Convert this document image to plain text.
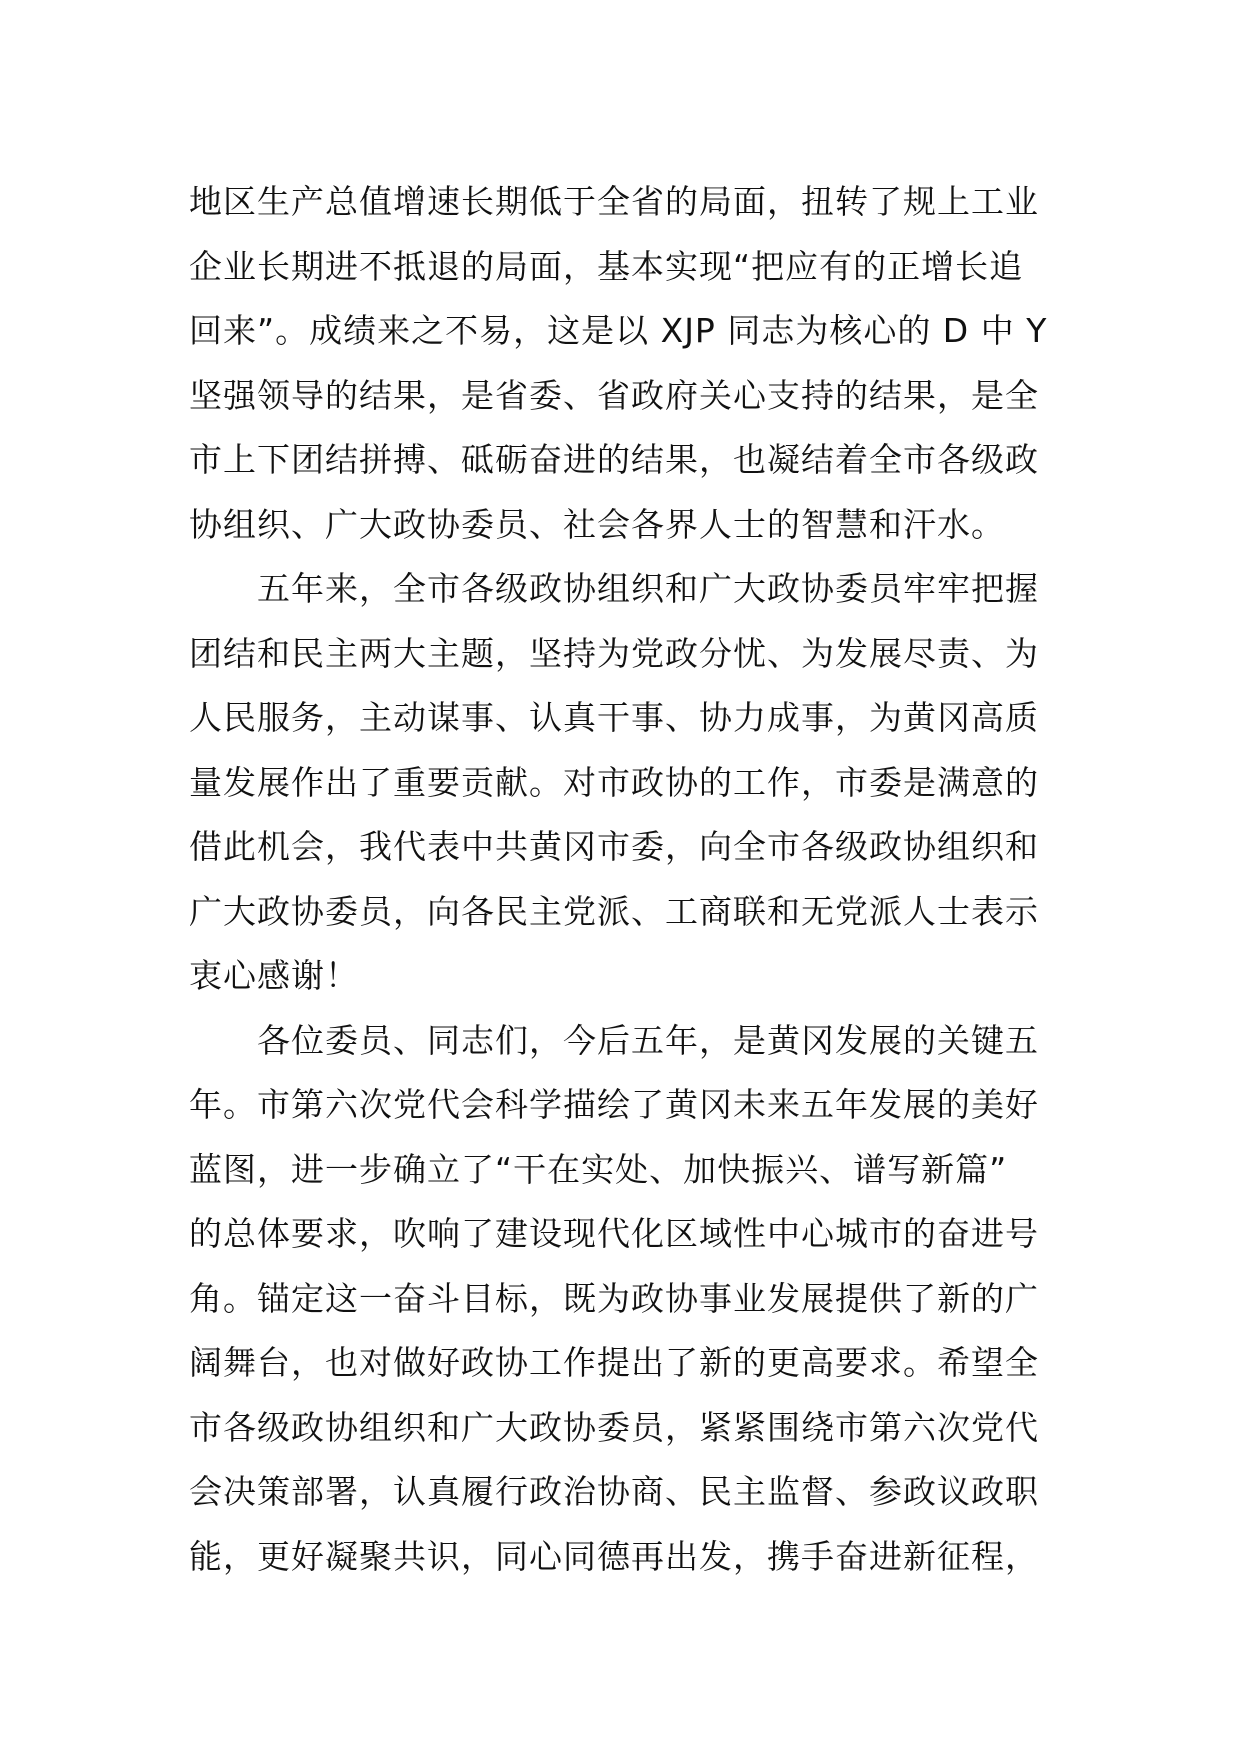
地区生产总值增速长期低于全省的局面，扭转了规上工业
企业长期进不抵退的局面，基本实现“把应有的正增长追
回来”。成绩来之不易，这是以 XJP 同志为核心的 D 中 Y
坚强领导的结果，是省委、省政府关心支持的结果，是全
市上下团结拼搏、砥砺奋进的结果，也凝结着全市各级政
协组织、广大政协委员、社会各界人士的智慧和汗水。
五年来，全市各级政协组织和广大政协委员牢牢把握
团结和民主两大主题，坚持为党政分忧、为发展尽责、为
人民服务，主动谋事、认真干事、协力成事，为黄冈高质
量发展作出了重要贡献。对市政协的工作，市委是满意的
借此机会，我代表中共黄冈市委，向全市各级政协组织和
广大政协委员，向各民主党派、工商联和无党派人士表示
衷心感谢！
各位委员、同志们，今后五年，是黄冈发展的关键五
年。市第六次党代会科学描绘了黄冈未来五年发展的美好
蓝图，进一步确立了“干在实处、加快振兴、谱写新篇”
的总体要求，吹响了建设现代化区域性中心城市的奋进号
角。锚定这一奋斗目标，既为政协事业发展提供了新的广
阔舞台，也对做好政协工作提出了新的更高要求。希望全
市各级政协组织和广大政协委员，紧紧围绕市第六次党代
会决策部署，认真履行政治协商、民主监督、参政议政职
能，更好凝聚共识，同心同德再出发，携手奋进新征程，
